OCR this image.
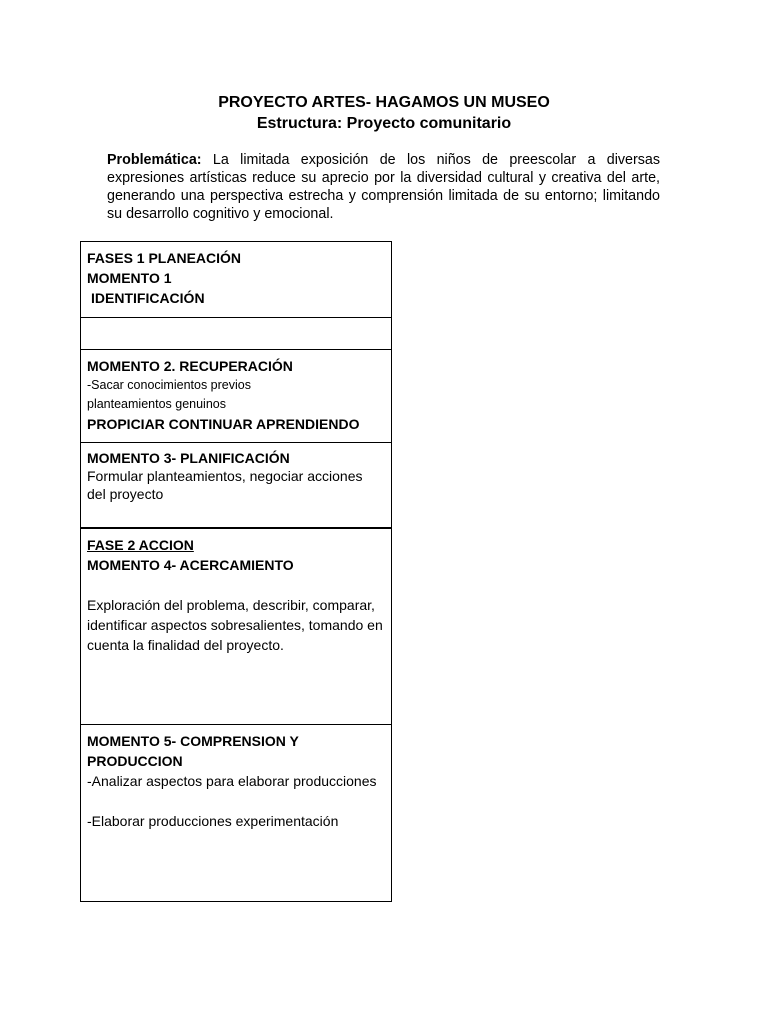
PROYECTO ARTES- HAGAMOS UN MUSEO
Estructura: Proyecto comunitario
Problemática: La limitada exposición de los niños de preescolar a diversas expresiones artísticas reduce su aprecio por la diversidad cultural y creativa del arte, generando una perspectiva estrecha y comprensión limitada de su entorno; limitando su desarrollo cognitivo y emocional.
FASES 1 PLANEACIÓN
MOMENTO 1
IDENTIFICACIÓN

MOMENTO 2. RECUPERACIÓN
-Sacar conocimientos previos
planteamientos genuinos
PROPICIAR CONTINUAR APRENDIENDO

MOMENTO 3- PLANIFICACIÓN
Formular planteamientos, negociar acciones del proyecto

FASE 2 ACCION
MOMENTO 4- ACERCAMIENTO
Exploración del problema, describir, comparar, identificar aspectos sobresalientes, tomando en cuenta la finalidad del proyecto.

MOMENTO 5- COMPRENSION Y PRODUCCION
-Analizar aspectos para elaborar producciones
-Elaborar producciones experimentación
